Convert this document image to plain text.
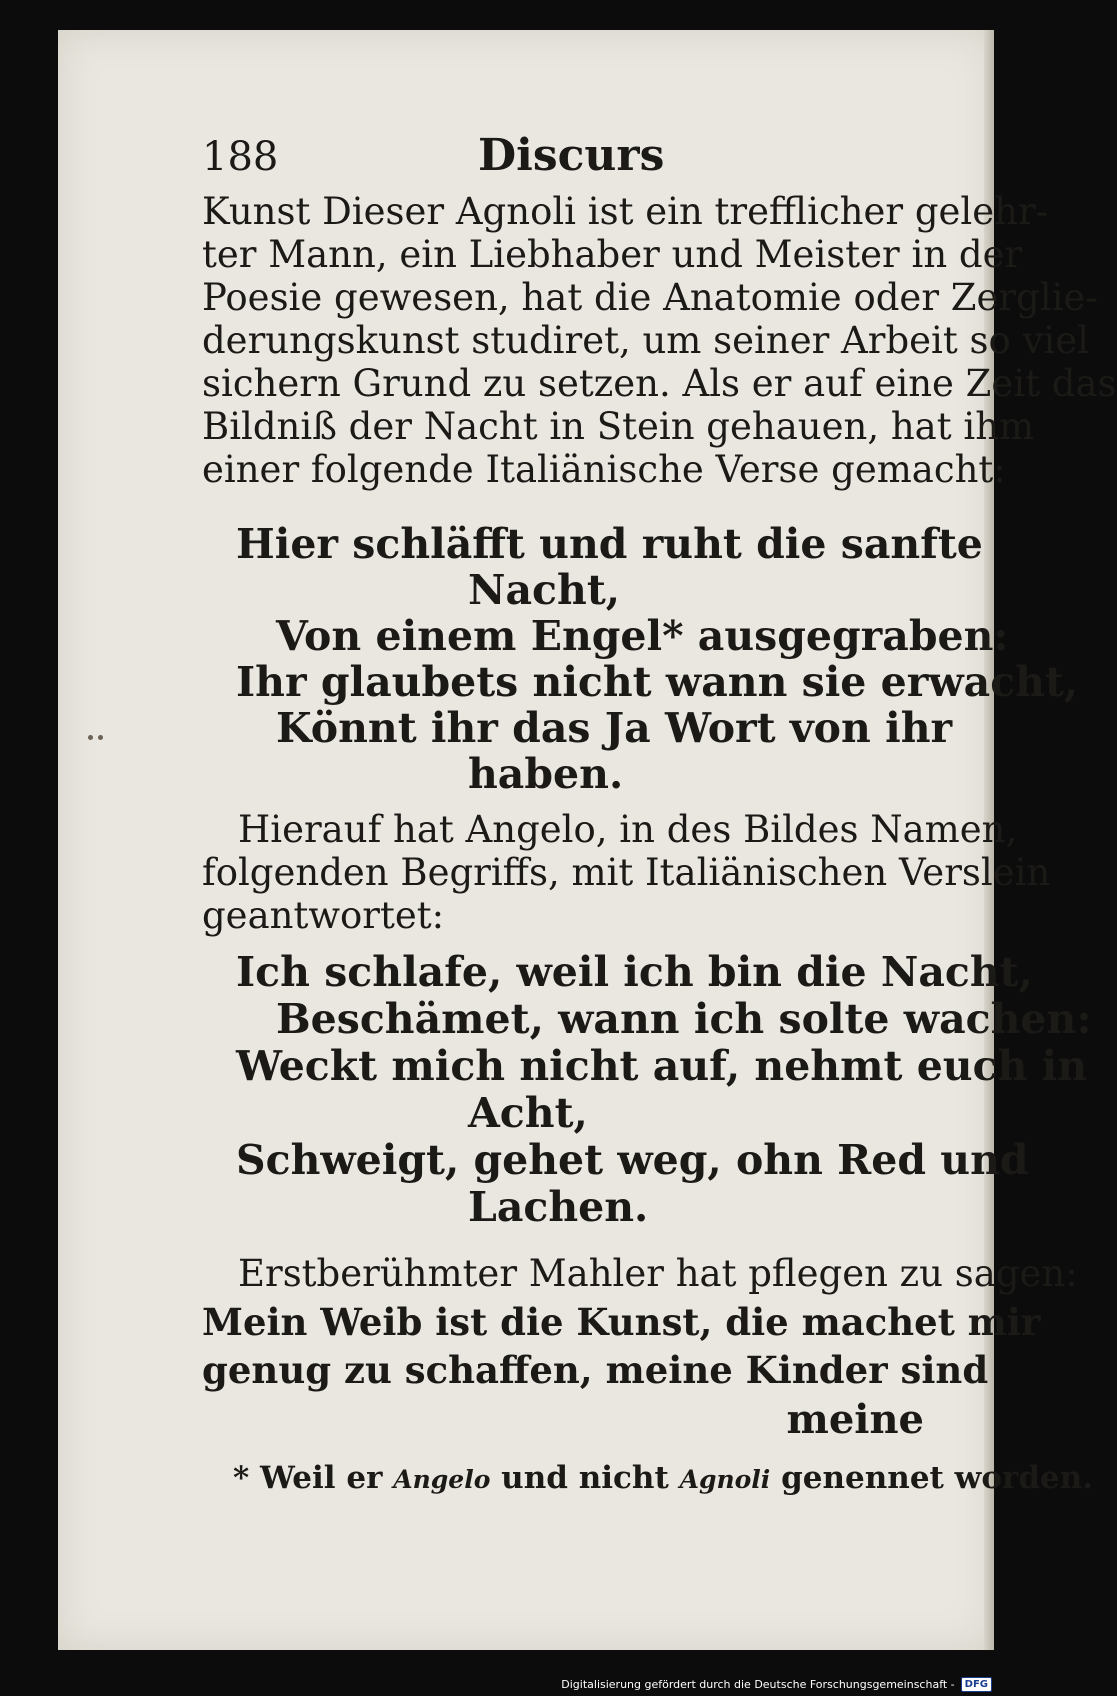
188	Discurs
Kunst Dieser Agnoli ist ein trefflicher gelehr-
ter Mann, ein Liebhaber und Meister in der
Poesie gewesen, hat die Anatomie oder Zerglie-
derungskunst studiret, um seiner Arbeit so viel
sichern Grund zu setzen. Als er auf eine Zeit das
Bildniß der Nacht in Stein gehauen, hat ihm
einer folgende Italiänische Verse gemacht:
Hier schläfft und ruht die sanfte
Nacht,
Von einem Engel* ausgegraben:
Ihr glaubets nicht wann sie erwacht,
Könnt ihr das Ja Wort von ihr
haben.
Hierauf hat Angelo, in des Bildes Namen,
folgenden Begriffs, mit Italiänischen Verslein
geantwortet:
Ich schlafe, weil ich bin die Nacht,
Beschämet, wann ich solte wachen:
Weckt mich nicht auf, nehmt euch in
Acht,
Schweigt, gehet weg, ohn Red und
Lachen.
Erstberühmter Mahler hat pflegen zu sagen:
Mein Weib ist die Kunst, die machet mir
genug zu schaffen, meine Kinder sind
meine
* Weil er Angelo und nicht Agnoli genennet worden.
Digitalisierung gefördert durch die Deutsche Forschungsgemeinschaft -	DFG
